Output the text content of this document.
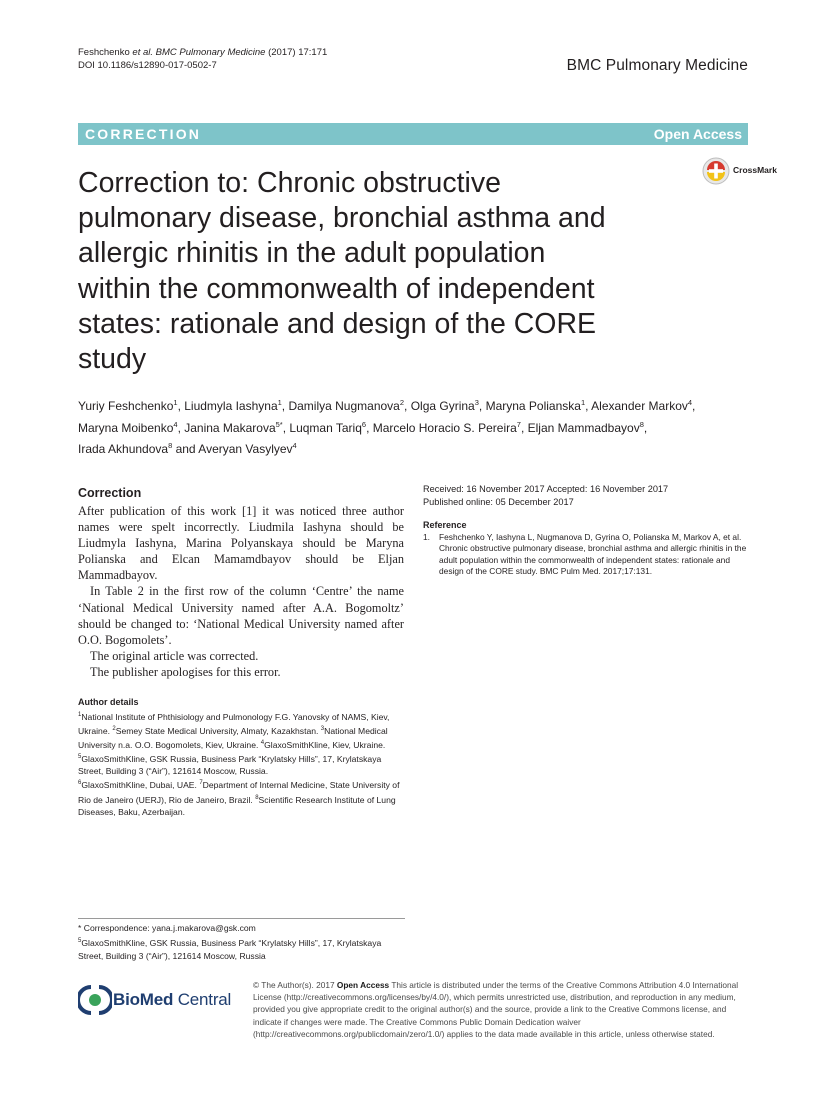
Feshchenko et al. BMC Pulmonary Medicine (2017) 17:171
DOI 10.1186/s12890-017-0502-7	BMC Pulmonary Medicine
CORRECTION	Open Access
Correction to: Chronic obstructive
pulmonary disease, bronchial asthma and
allergic rhinitis in the adult population
within the commonwealth of independent
states: rationale and design of the CORE
study
CrossMark
Yuriy Feshchenko$^1$, Liudmyla Iashyna$^1$, Damilya Nugmanova$^2$, Olga Gyrina$^3$, Maryna Polianska$^1$, Alexander Markov$^4$,
Maryna Moibenko$^4$, Janina Makarova$^{5*}$, Luqman Tariq$^6$, Marcelo Horacio S. Pereira$^7$, Eljan Mammadbayov$^8$,
Irada Akhundova$^8$ and Averyan Vasylyev$^4$
Correction

After publication of this work [1] it was noticed three author names were spelt incorrectly. Liudmila Iashyna should be Liudmyla Iashyna, Marina Polyanskaya should be Maryna Polianska and Elcan Mamamdbayov should be Eljan Mammadbayov.

In Table 2 in the first row of the column ‘Centre’ the name ‘National Medical University named after A.A. Bogomoltz’ should be changed to: ‘National Medical University named after O.O. Bogomolets’.

The original article was corrected.

The publisher apologises for this error.

Author details
$^1$National Institute of Phthisiology and Pulmonology F.G. Yanovsky of NAMS, Kiev, Ukraine. $^2$Semey State Medical University, Almaty, Kazakhstan. $^3$National Medical University n.a. O.O. Bogomolets, Kiev, Ukraine. $^4$GlaxoSmithKline, Kiev, Ukraine. $^5$GlaxoSmithKline, GSK Russia, Business Park “Krylatsky Hills”, 17, Krylatskaya Street, Building 3 (“Air”), 121614 Moscow, Russia.
$^6$GlaxoSmithKline, Dubai, UAE. $^7$Department of Internal Medicine, State University of Rio de Janeiro (UERJ), Rio de Janeiro, Brazil. $^8$Scientific Research Institute of Lung Diseases, Baku, Azerbaijan.
Received: 16 November 2017 Accepted: 16 November 2017
Published online: 05 December 2017
Reference
1. Feshchenko Y, Iashyna L, Nugmanova D, Gyrina O, Polianska M, Markov A, et al. Chronic obstructive pulmonary disease, bronchial asthma and allergic rhinitis in the adult population within the commonwealth of independent states: rationale and design of the CORE study. BMC Pulm Med. 2017;17:131.
* Correspondence: yana.j.makarova@gsk.com
$^5$GlaxoSmithKline, GSK Russia, Business Park “Krylatsky Hills”, 17, Krylatskaya Street, Building 3 (“Air”), 121614 Moscow, Russia
BioMed Central
© The Author(s). 2017 Open Access This article is distributed under the terms of the Creative Commons Attribution 4.0 International License (http://creativecommons.org/licenses/by/4.0/), which permits unrestricted use, distribution, and reproduction in any medium, provided you give appropriate credit to the original author(s) and the source, provide a link to the Creative Commons license, and indicate if changes were made. The Creative Commons Public Domain Dedication waiver (http://creativecommons.org/publicdomain/zero/1.0/) applies to the data made available in this article, unless otherwise stated.
